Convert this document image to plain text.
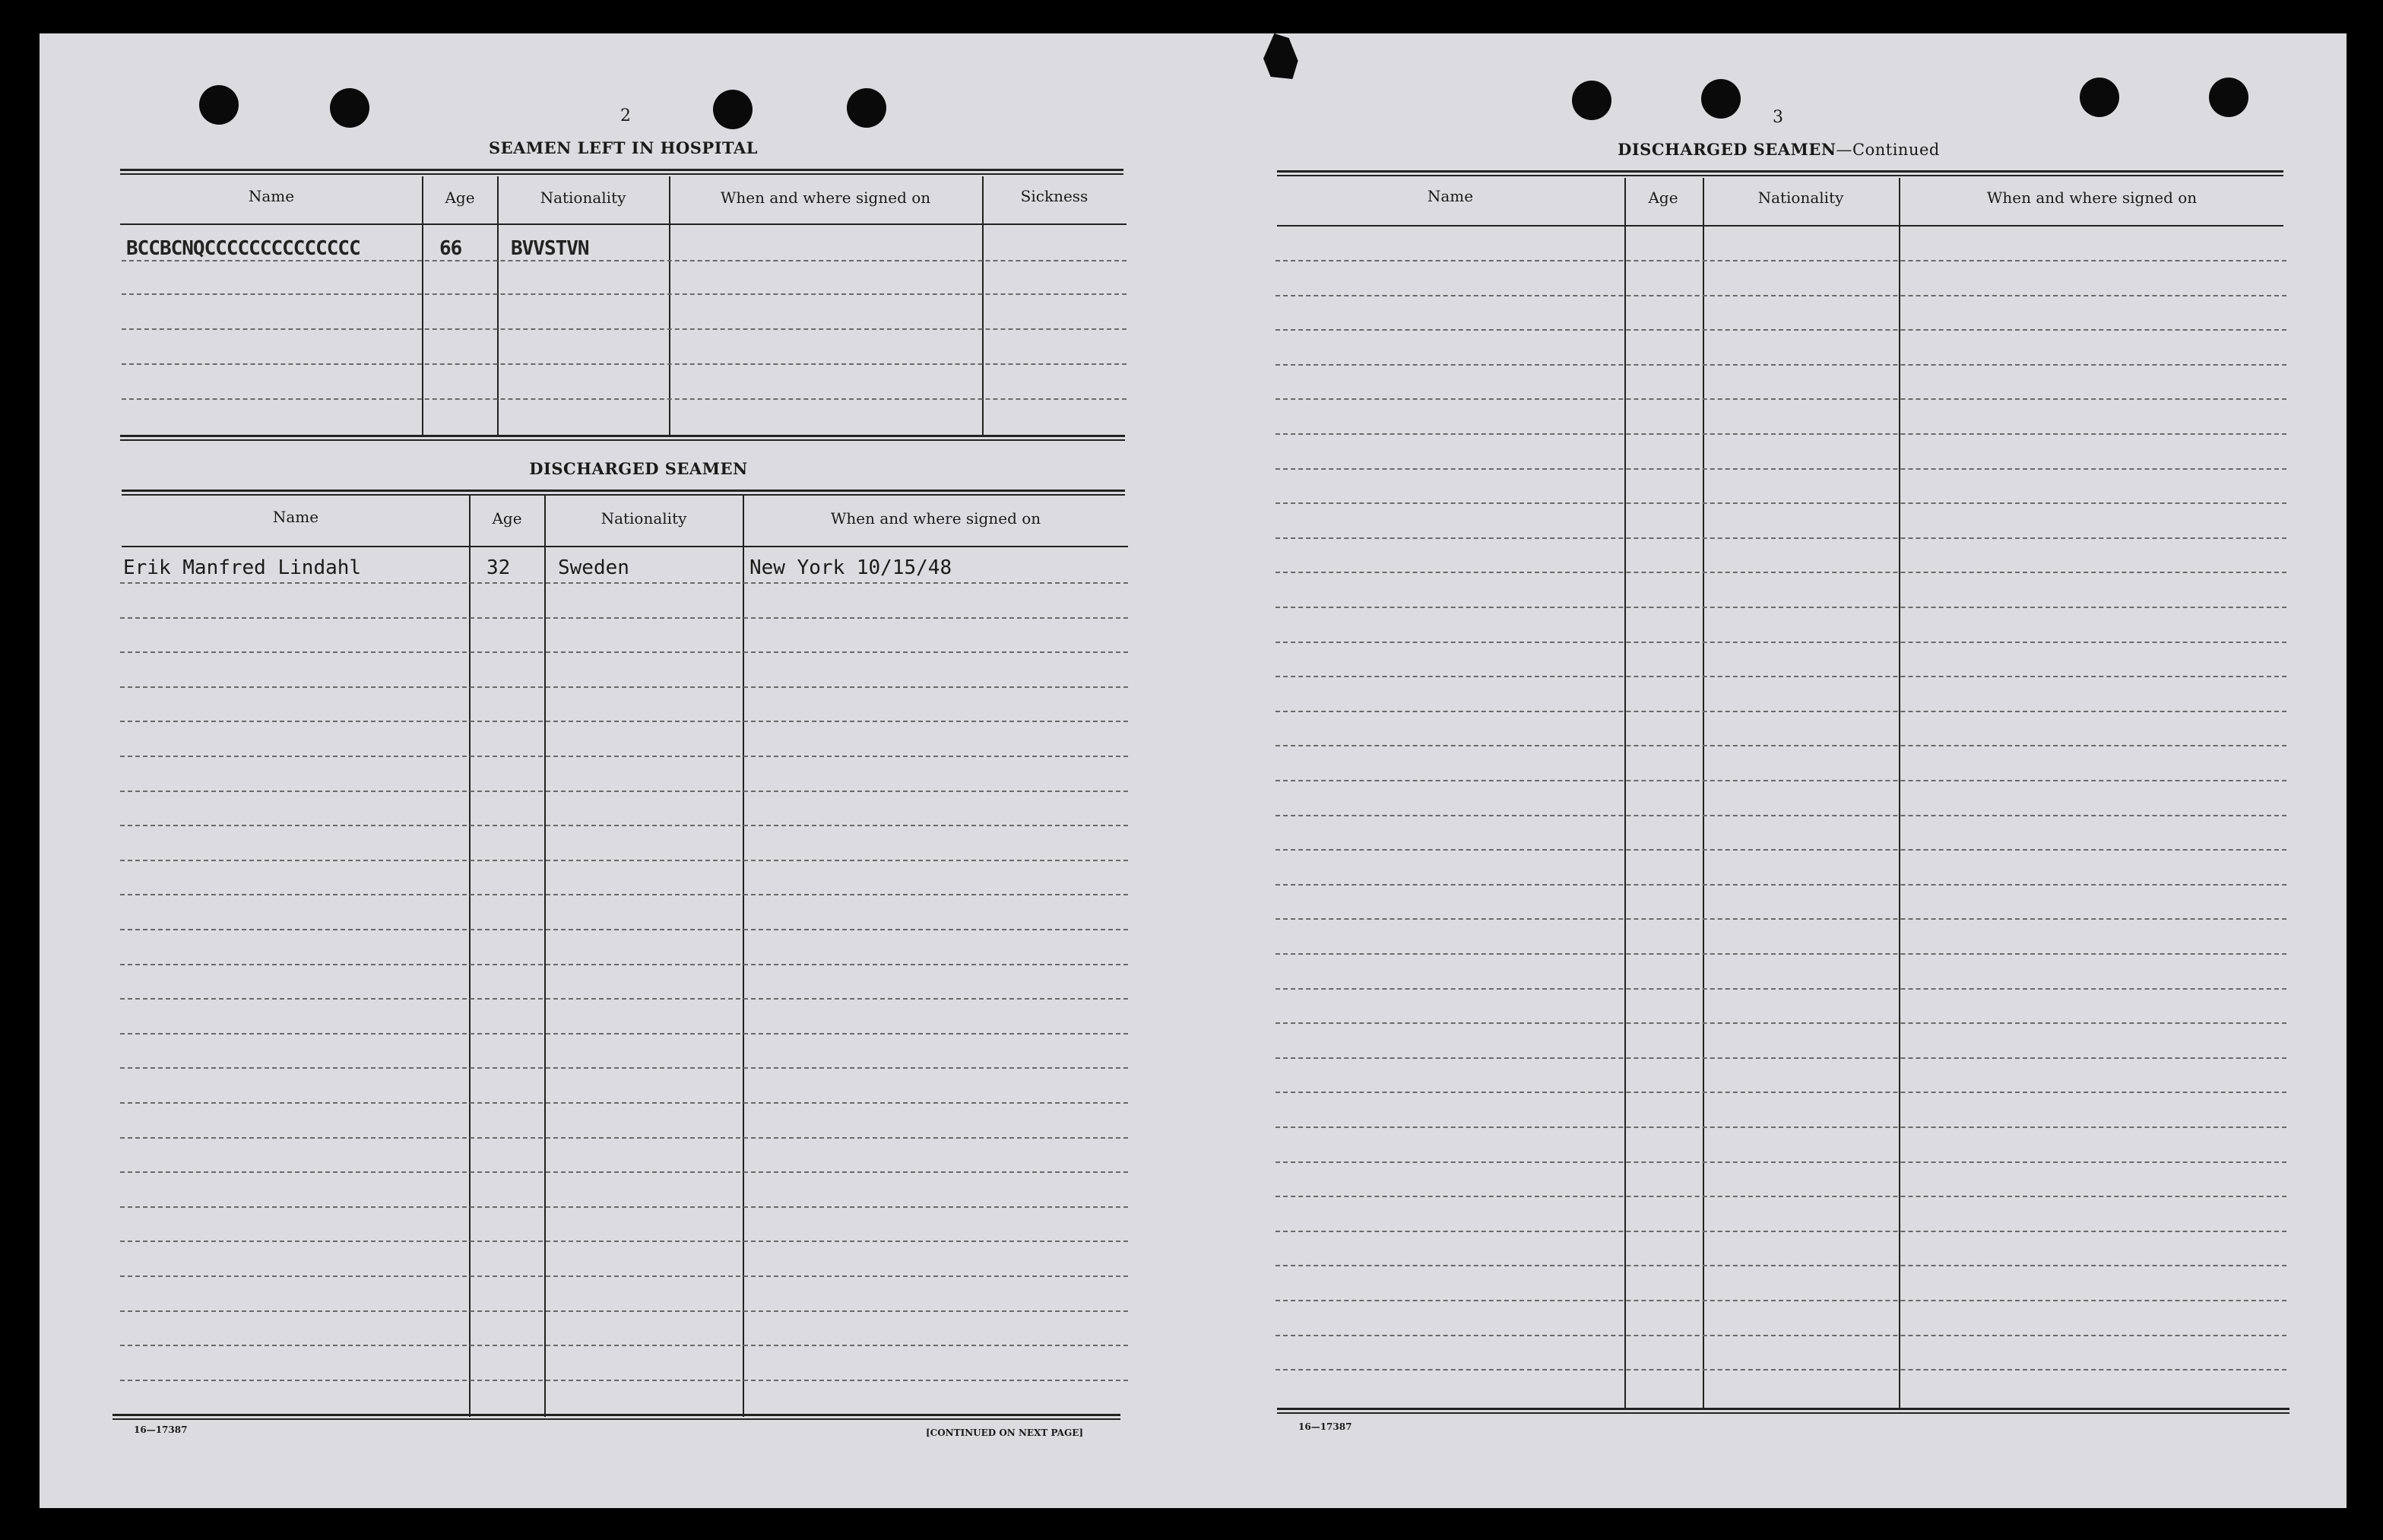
2
SEAMEN LEFT IN HOSPITAL
Name	Age	Nationality	When and where signed on	Sickness
BCCBCNQCCCCCCCCCCCCCC	66 BVVSTVN
DISCHARGED SEAMEN
Name	Age	Nationality	When and where signed on
Erik Manfred Lindahl	32 Sweden	New York 10/15/48
16—17387	[CONTINUED ON NEXT PAGE]
3
DISCHARGED SEAMEN—Continued
Name	Age	Nationality	When and where signed on
16—17387
